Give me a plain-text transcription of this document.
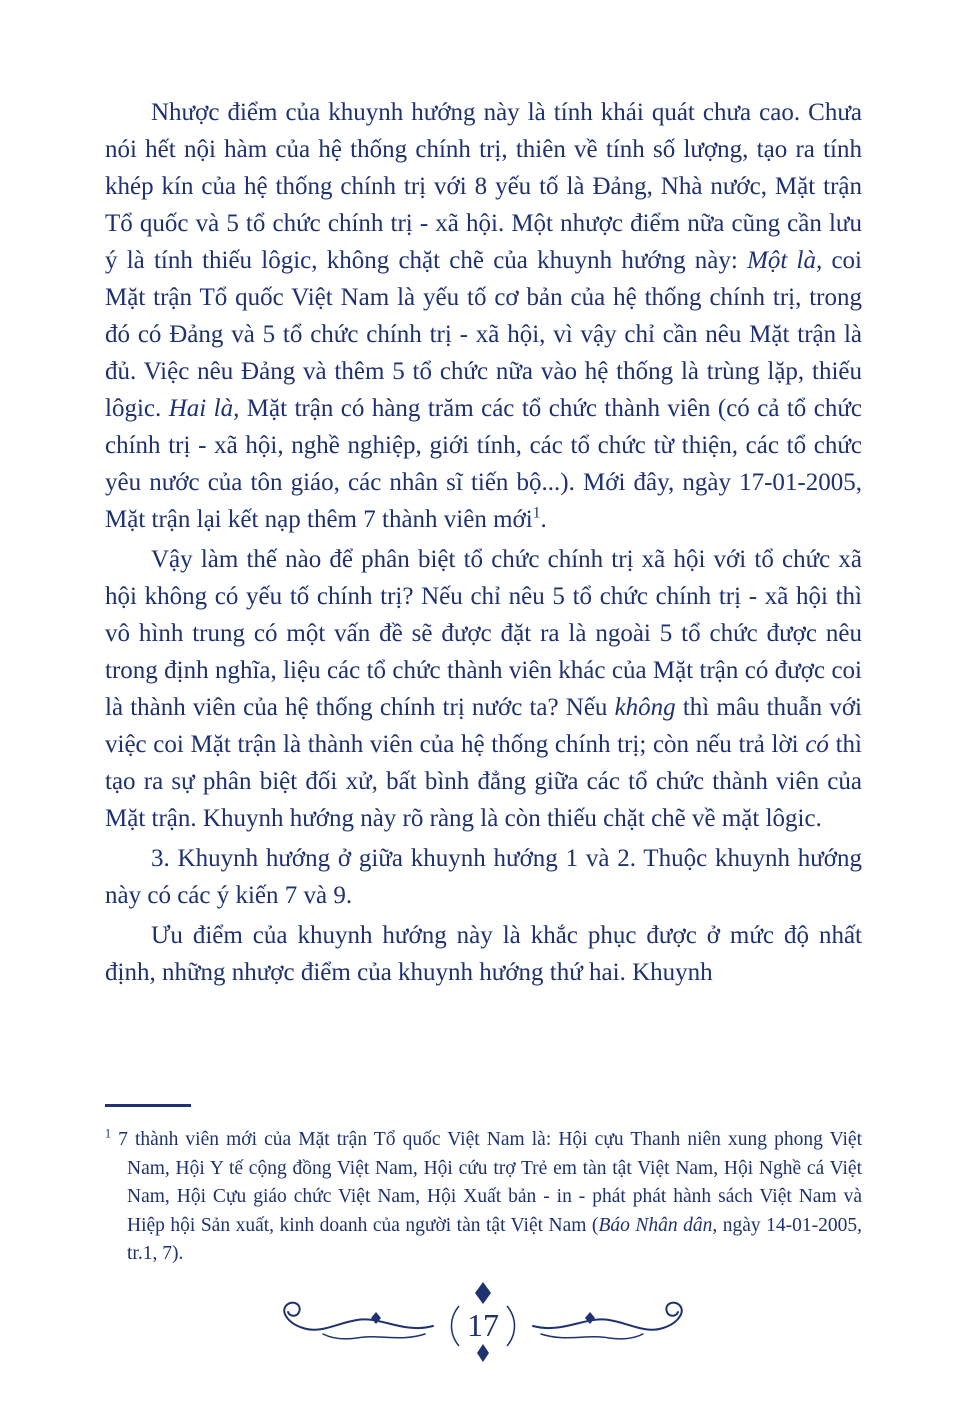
Nhược điểm của khuynh hướng này là tính khái quát chưa cao. Chưa nói hết nội hàm của hệ thống chính trị, thiên về tính số lượng, tạo ra tính khép kín của hệ thống chính trị với 8 yếu tố là Đảng, Nhà nước, Mặt trận Tổ quốc và 5 tổ chức chính trị - xã hội. Một nhược điểm nữa cũng cần lưu ý là tính thiếu lôgic, không chặt chẽ của khuynh hướng này: Một là, coi Mặt trận Tổ quốc Việt Nam là yếu tố cơ bản của hệ thống chính trị, trong đó có Đảng và 5 tổ chức chính trị - xã hội, vì vậy chỉ cần nêu Mặt trận là đủ. Việc nêu Đảng và thêm 5 tổ chức nữa vào hệ thống là trùng lặp, thiếu lôgic. Hai là, Mặt trận có hàng trăm các tổ chức thành viên (có cả tổ chức chính trị - xã hội, nghề nghiệp, giới tính, các tổ chức từ thiện, các tổ chức yêu nước của tôn giáo, các nhân sĩ tiến bộ...). Mới đây, ngày 17-01-2005, Mặt trận lại kết nạp thêm 7 thành viên mới$^1$.

Vậy làm thế nào để phân biệt tổ chức chính trị xã hội với tổ chức xã hội không có yếu tố chính trị? Nếu chỉ nêu 5 tổ chức chính trị - xã hội thì vô hình trung có một vấn đề sẽ được đặt ra là ngoài 5 tổ chức được nêu trong định nghĩa, liệu các tổ chức thành viên khác của Mặt trận có được coi là thành viên của hệ thống chính trị nước ta? Nếu không thì mâu thuẫn với việc coi Mặt trận là thành viên của hệ thống chính trị; còn nếu trả lời có thì tạo ra sự phân biệt đối xử, bất bình đẳng giữa các tổ chức thành viên của Mặt trận. Khuynh hướng này rõ ràng là còn thiếu chặt chẽ về mặt lôgic.

3. Khuynh hướng ở giữa khuynh hướng 1 và 2. Thuộc khuynh hướng này có các ý kiến 7 và 9.

Ưu điểm của khuynh hướng này là khắc phục được ở mức độ nhất định, những nhược điểm của khuynh hướng thứ hai. Khuynh

$^1$ 7 thành viên mới của Mặt trận Tổ quốc Việt Nam là: Hội cựu Thanh niên xung phong Việt Nam, Hội Y tế cộng đồng Việt Nam, Hội cứu trợ Trẻ em tàn tật Việt Nam, Hội Nghề cá Việt Nam, Hội Cựu giáo chức Việt Nam, Hội Xuất bản - in - phát phát hành sách Việt Nam và Hiệp hội Sản xuất, kinh doanh của người tàn tật Việt Nam (Báo Nhân dân, ngày 14-01-2005, tr.1, 7).

17
